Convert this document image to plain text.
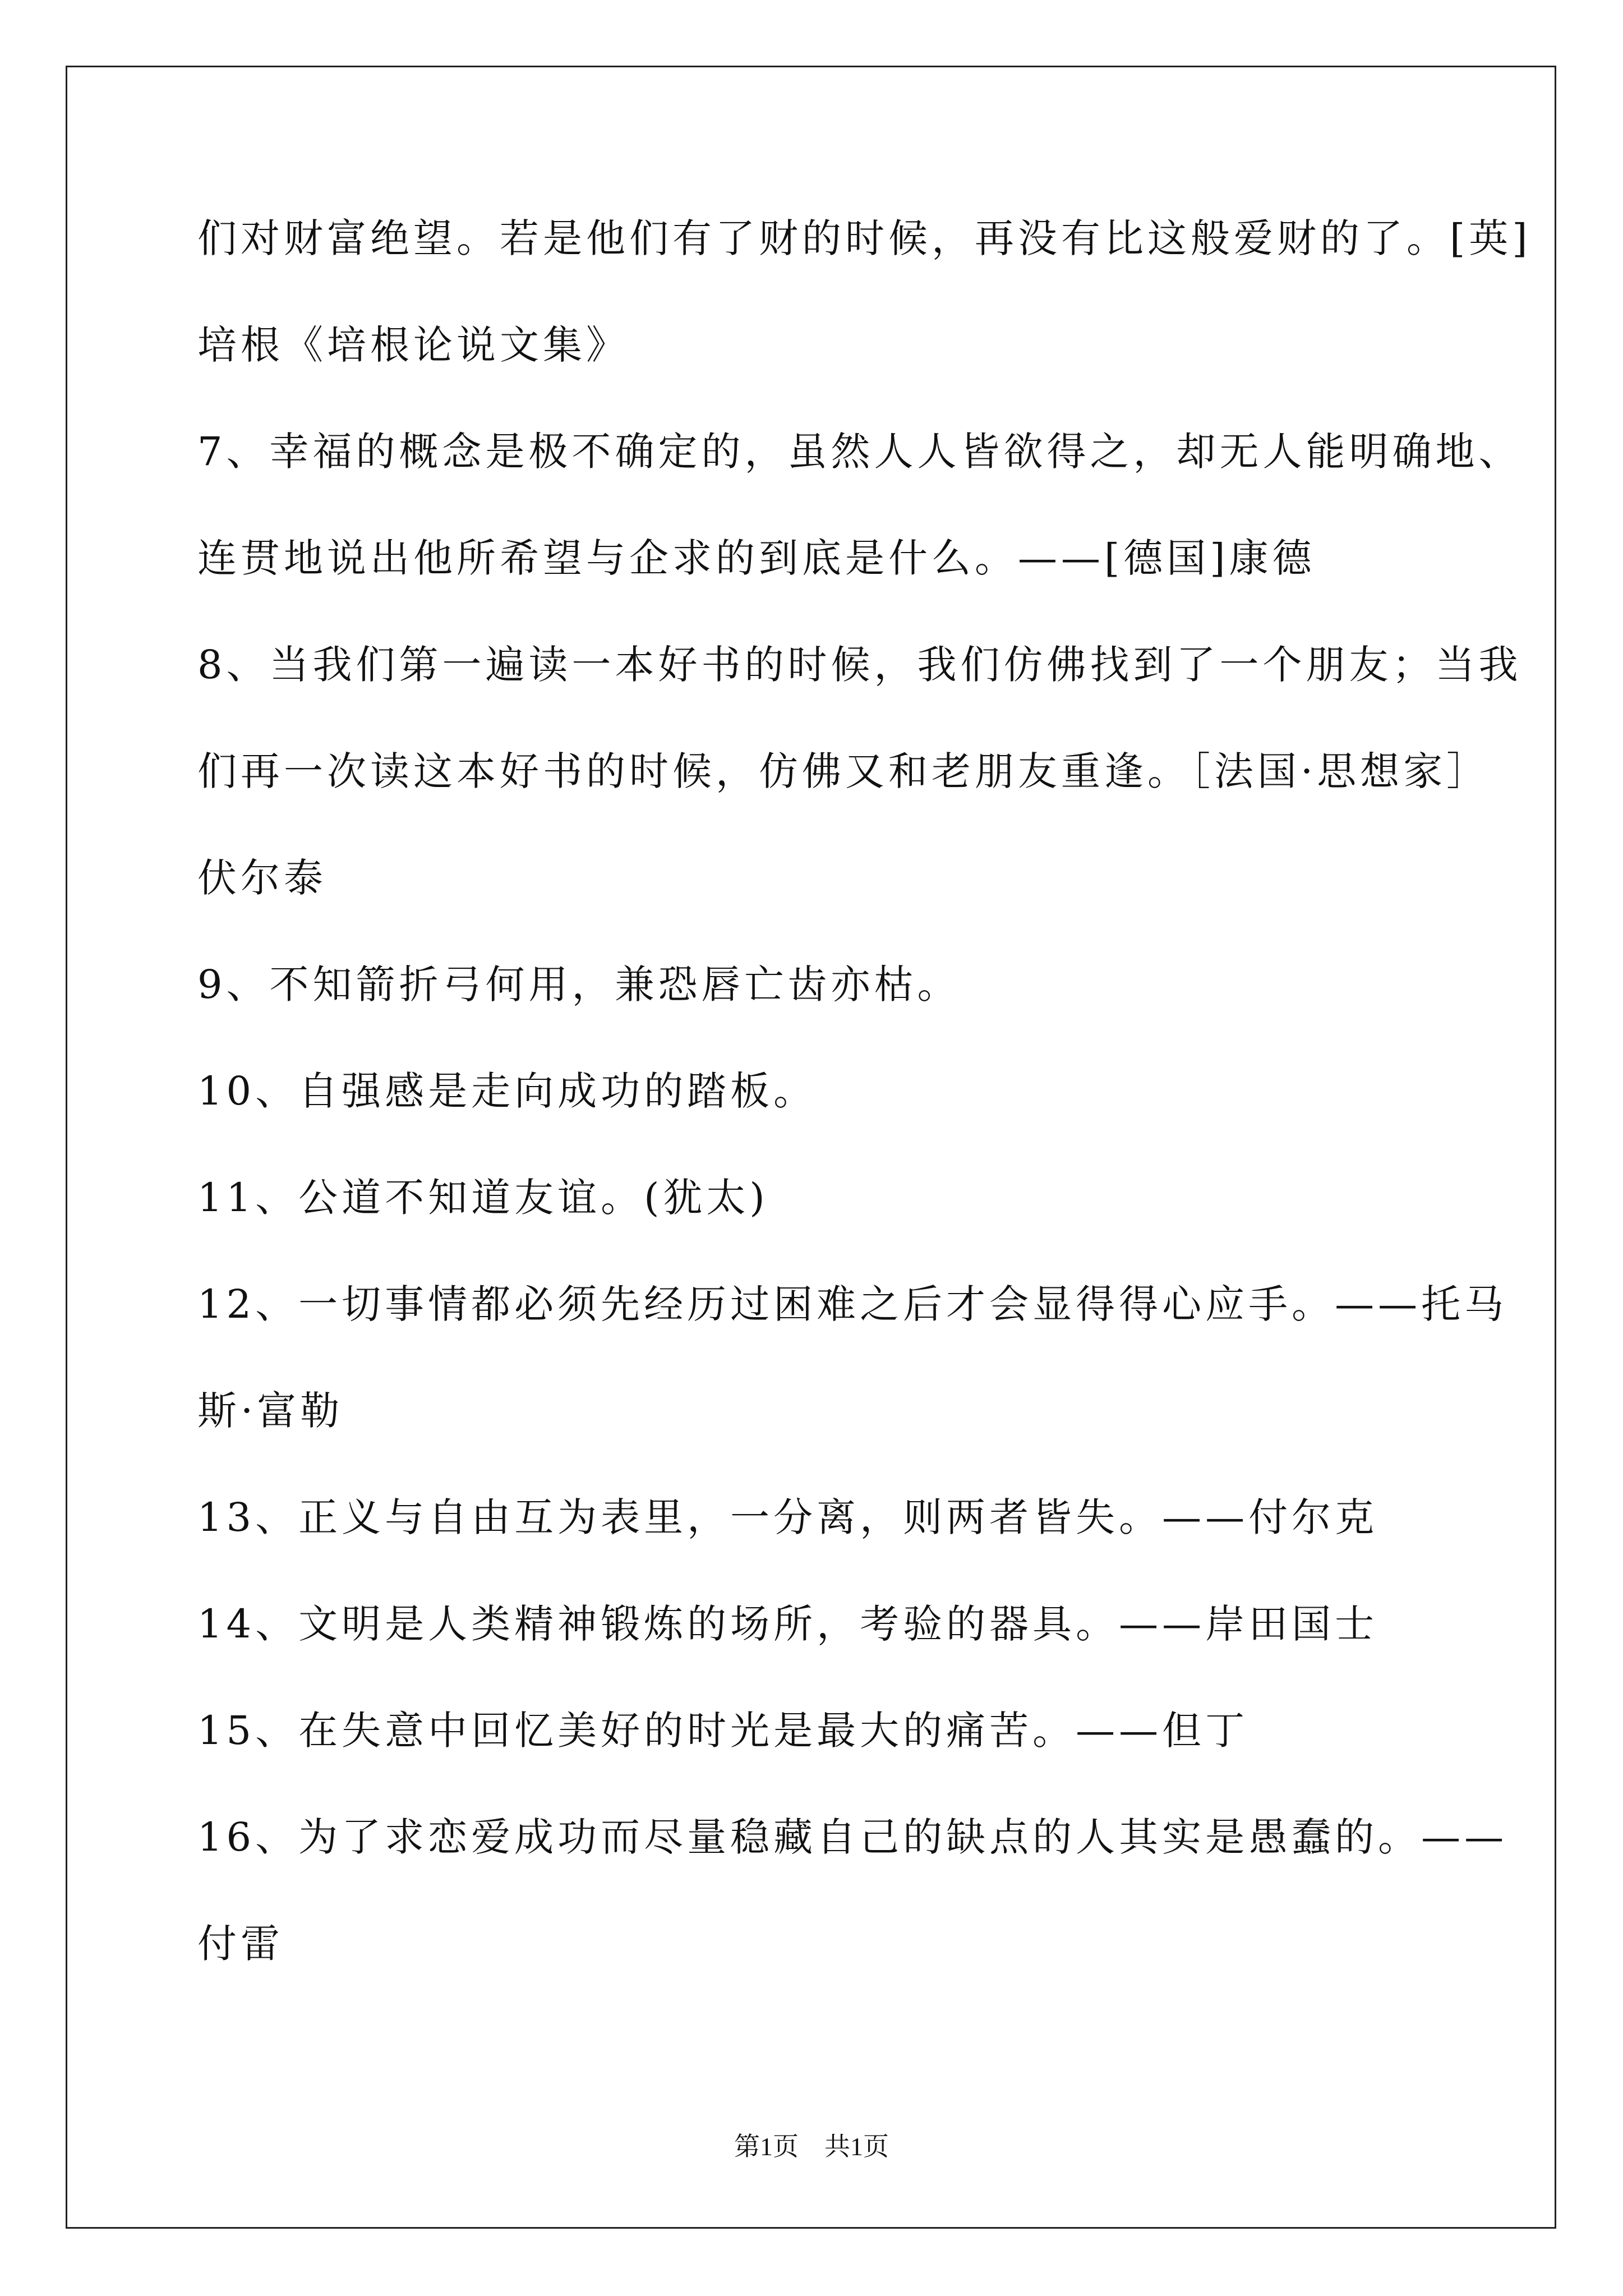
们对财富绝望。若是他们有了财的时候，再没有比这般爱财的了。[英]
培根《培根论说文集》
7、幸福的概念是极不确定的，虽然人人皆欲得之，却无人能明确地、
连贯地说出他所希望与企求的到底是什么。——[德国]康德
8、当我们第一遍读一本好书的时候，我们仿佛找到了一个朋友；当我
们再一次读这本好书的时候，仿佛又和老朋友重逢。［法国·思想家］
伏尔泰
9、不知箭折弓何用，兼恐唇亡齿亦枯。
10、自强感是走向成功的踏板。
11、公道不知道友谊。(犹太)
12、一切事情都必须先经历过困难之后才会显得得心应手。——托马
斯·富勒
13、正义与自由互为表里，一分离，则两者皆失。——付尔克
14、文明是人类精神锻炼的场所，考验的器具。——岸田国士
15、在失意中回忆美好的时光是最大的痛苦。——但丁
16、为了求恋爱成功而尽量稳藏自己的缺点的人其实是愚蠢的。——
付雷
第1页　共1页
